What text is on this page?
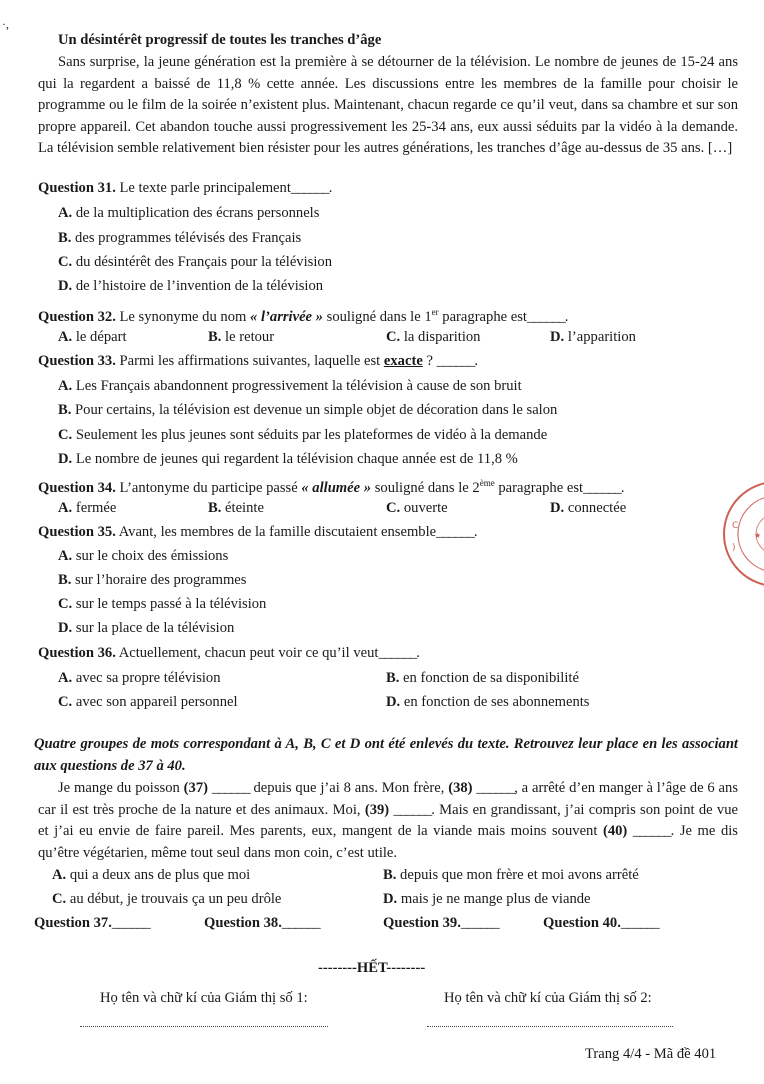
·,
Un désintérêt progressif de toutes les tranches d’âge

Sans surprise, la jeune génération est la première à se détourner de la télévision. Le nombre de jeunes de 15-24 ans qui la regardent a baissé de 11,8 % cette année. Les discussions entre les membres de la famille pour choisir le programme ou le film de la soirée n’existent plus. Maintenant, chacun regarde ce qu’il veut, dans sa chambre et sur son propre appareil. Cet abandon touche aussi progressivement les 25-34 ans, eux aussi séduits par la vidéo à la demande. La télévision semble relativement bien résister pour les autres générations, les tranches d’âge au-dessus de 35 ans. […]

Question 31. Le texte parle principalement______.
A. de la multiplication des écrans personnels
B. des programmes télévisés des Français
C. du désintérêt des Français pour la télévision
D. de l’histoire de l’invention de la télévision
Question 32. Le synonyme du nom « l’arrivée » souligné dans le 1er paragraphe est______.
A. le départ	B. le retour	C. la disparition	D. l’apparition
Question 33. Parmi les affirmations suivantes, laquelle est exacte ? ______.
A. Les Français abandonnent progressivement la télévision à cause de son bruit
B. Pour certains, la télévision est devenue un simple objet de décoration dans le salon
C. Seulement les plus jeunes sont séduits par les plateformes de vidéo à la demande
D. Le nombre de jeunes qui regardent la télévision chaque année est de 11,8 %
Question 34. L’antonyme du participe passé « allumée » souligné dans le 2ème paragraphe est______.
A. fermée	B. éteinte	C. ouverte	D. connectée
Question 35. Avant, les membres de la famille discutaient ensemble______.
A. sur le choix des émissions
B. sur l’horaire des programmes
C. sur le temps passé à la télévision
D. sur la place de la télévision
Question 36. Actuellement, chacun peut voir ce qu’il veut______.
A. avec sa propre télévision	B. en fonction de sa disponibilité
C. avec son appareil personnel	D. en fonction de ses abonnements
Quatre groupes de mots correspondant à A, B, C et D ont été enlevés du texte. Retrouvez leur place en les associant aux questions de 37 à 40.

Je mange du poisson (37) ______ depuis que j’ai 8 ans. Mon frère, (38) ______, a arrêté d’en manger à l’âge de 6 ans car il est très proche de la nature et des animaux. Moi, (39) ______. Mais en grandissant, j’ai compris son point de vue et j’ai eu envie de faire pareil. Mes parents, eux, mangent de la viande mais moins souvent (40) ______. Je me dis qu’être végétarien, même tout seul dans mon coin, c’est utile.

A. qui a deux ans de plus que moi	B. depuis que mon frère et moi avons arrêté
C. au début, je trouvais ça un peu drôle	D. mais je ne mange plus de viande
Question 37.______	Question 38.______	Question 39.______	Question 40.______
--------HẾT--------
Họ tên và chữ kí của Giám thị số 1:	Họ tên và chữ kí của Giám thị số 2:
Trang 4/4 - Mã đề 401
C
)
★
